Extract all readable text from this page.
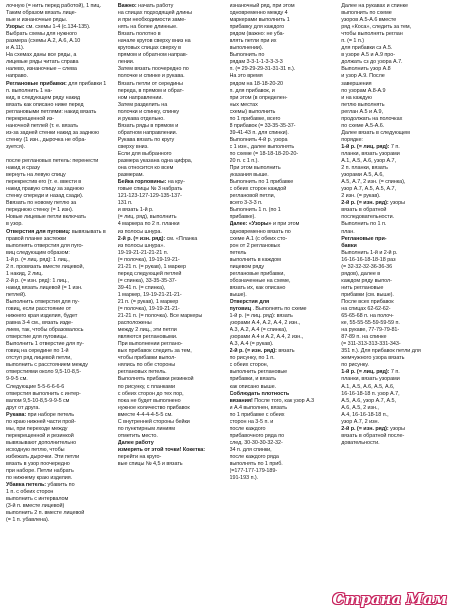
лочную (= нить перед работой), 1 пиц.
Таким образом вязать лице-
вые и изнаночные ряды.
Узоры: см. схемы 1-4 (с.134-135).
Выбрать схемы для нужного
размера (схемы А.2, А.6, А.10
и А.11).
На схемах даны все ряды, а
лицевые ряды читать справа
налево, изнаночные – слева
направо.
Реглановые прибавки: для прибавки 1 п. выполнить 1 на-
кид, в следующем ряду накид
вязать как описано ниже перед реглановыми петлями: накид вязать перекрещенной из-
наночной петлей (т. е. вязать
из-за задней стенки накид за заднюю
стенку (1 изн., дырочка не обра-
зуется).

после реглановых петель: перенести накид и сразу
вернуть на левую спицу
перекрестив его (т. е. ввести в
накид правую спицу за заднюю
стенку спереди и назад сзади).
Ввязать по новому петлю за
переднюю стенку (= 1 изн).
Новые лицевые петли включать
в узор.
Отверстия для пуговиц: вывязывать в правой планке застежки
выполнять отверстия для пуго-
виц следующим образом:
1-й р. (= лиц. ряд): 1 лиц.,
2 п. провязать вместе лицевой,
1 накид, 2 лиц.
2-й р. (= изн. ряд): 1 лиц.,
накид вязать лицевой (= 1 изн.
петлей).
Выполнить отверстия для пу-
говиц, если расстояние от
нижнего края изделия, будет
равна 3-4 см., вязать изде-
лием, так, чтобы образовалось
отверстие для пуговицы.
Выполнить 1 отверстие для пу-
говиц на середине по 1-й
отступ ряд лицевой петли,
выполнить с расстоянием между
отверстиями около 9,5-10-8,5-
9-9-5 см.
Следующие 5-5-6-6-6-6
отверстия выполнить с интер-
валом 9,5-10-8,5-9-9-5 см
друг от друга.
Рукава: при наборе петель
по краю нижней части прой-
мы, при переходе между
перекрещенной и резинкой
вывязывают дополнительно
исходную петлю, чтобы
избежать дырочки. Эти петли
вязать в узор поочередно
при наборе. Петли набрать
по нижнему краю изделия.
Убавка петель: убавить по
1 п. с обеих сторон
выполнить с интервалом
(3-й п. вместе лицевой)
выполнить 2 п. вместе лицевой
(= 1 п. убавлена).

Важно: начать работу
на спицах подходящей длины
и при необходимости заме-
нять на более длинные.
Вязать полотно в
начале кругов сверху вниз на
круговых спицах сверху в
прямом и обратном направ-
лении.
Затем вязать поочередно по
полочке и спинке и рукава.
Вязать петли от середины
переда, в прямом и обрат-
ном направлении.
Затем разделить на
полочки и спинку, спинку
и рукава отдельно.
Вязать ряды в прямом и
обратном направлении.
Рукава вязать по кругу
сверху вниз.
Если для выбранного
размера указана одна цифра,
она относится ко всем
размерам.
Бейка горловины: на кру-
говые спицы № 3 набрать
121-123-127-129-135-137-
131 п.
и вязать 1-й р.
(= лиц. ряд), выполнить
4 маркера по 2 п. планки
из полосы шнура.
2-й р. (= изн. ряд): см. «Планка
из полосы шнура».
19-19-21-21-21-21 п.
(= полочка), 19-19-19-21-
21-21 п. (= рукав), 1 маркер
перед следующей петлей
(= спинка), 33-35-35-37-
39-41 п. (= спинка),
1 маркер, 19-19-21-21-21-
21 п. (= рукав), 1 маркер
(= полочка), 19-19-21-21-
21-21 п. (= полочка). Все маркеры расположены
между 2 лиц., эти петли
являются реглановыми.
При выполнении реглано-
вых прибавок следить за тем,
чтобы прибавки выпол-
нялись по обе стороны
реглановых петель.
Выполнять прибавки резинкой
по рисунку, с планками
с обеих сторон до тех пор,
пока не будет выполнено
нужное количество прибавок
вместе 4-4-4-4-5-5 см.
С внутренней стороны бейки
по пунктирным линиям
отметить место.
Далее работу
измерять от этой точки! Кокетка: перейти на круго-
вые спицы № 4,5 и вязать
изнаночный ряд, при этом
одновременно между 4
маркерами выполнить 1
прибавку для каждого
рядом (важно: не уба-
влять петли при их
выполнении).
Выполнить по
рядам 3-3-1-1-3-3-3-3
п. (= 29-29-29-31-31-31 п.).
На это время
рядом на 18-18-20-20
п. для прибавок, и
при этом (в определен-
ных местах
схемы) выполнить
по 1 прибавке, всего
8 прибавок (= 33-35-35-37-
39-41-43 п. для спинки).
Выполнить 4-й р. узора
с 1 изн., далее выполнять
по схеме (= 18-18-18-20-20-
20 п. с 1 п.).
При этом выполнить
указания выше.
Выполнить по 1 прибавке
с обеих сторон каждой
реглановой петли,
всего 3-3-3 п.
Выполнить 1 п. (по 1
прибавке).
Далее: «Узоры» и при этом
одновременно вязать по
схеме А.1 (с обеих сто-
рон от 2 реглановых
петель
выполнить в каждом
лицевом ряду
реглановые прибавки,
обозначенные на схеме,
вязать их, как описано
выше).
Отверстия для
пуговиц . Выполнять по схеме
1-й р. (= лиц. ряд): вязать
узорами А.4, А.2, А.4, 2 изн.,
А.3, А.2, А.4 (= спинка),
узорами А.4 и А.2, А.4, 2 изн.,
А.3, А.4 (= рукав).
2-й р. (= изн. ряд): вязать
по рисунку, по 1 п.
с обеих сторон,
выполнить реглановые
прибавки, и вязать
как описано выше.
Соблюдать плотность
вязания! После того, как узор А.3
и А.4 выполнен, вязать
по 1 прибавке с обеих
сторон на 3-5 п. и
после каждого
прибавочного ряда по
след. 30-30-30-32-32-
34 п. для спинки,
после каждого ряда
выполнять по 1 приб.
(=177-177-179-189-
191-193 п.).
Далее на рукавах и спинке
выполнить по схеме
узоров А.5-А.6 вместе
ряд «Коса», следить за тем,
чтобы выполнять реглан
п. (= 1 п.)
для прибавки сз А.5.
в узоре А.5 и А.9 про-
должать сз до узора А.7.
Выполнить узор А.8
и узор А.9. После
завершения
по узорам А.8-А.9
и на каждую
петлю выполнять
реглан А.5 и А.9,
продолжать на полочках
по схеме А.5-А.6.
Далее вязать в следующем
порядке:
1-й р. (= лиц. ряд): 7 п.
планки, вязать узорами
А.1, А.5, А.6, узор А.7,
2 п. планки, вязать
узорами А.5, А.6,
А.5, А.7, 2 изн. (= спинка),
узор А.7, А.5, А.5, А.7,
2 изн. (= рукав).
2-й р. (= изн. ряд): узоры
вязать в обратной
последовательности.
Выполнить по 1 п.
план.
Реглановые при-
бавки
Выполнить 1-й и 2-й р.
16-16-16-18-18-18 раз
(= 32-32-32-36-36-36
рядов), далее в
каждом ряду выпол-
нить реглановые
прибавки (см. выше).
После всех прибавок
на спицах 62-62-62-
65-65-68 п. на полоч-
ке, 55-55-55-59-59-59 п.
на рукаве, 77-79-79-81-
87-89 п. на спинке
(= 311-313-313-331-343-
351 п.). Для прибавок петли для
жемчужного узора вязать
по рисунку.
1-й р. (= лиц. ряд): 7 п.
планки, вязать узорами
А.1, А.5, А.6, А.5, А.6,
16-16-18-18 п. узор А.7,
А.5, А.6, узор А.7, А.5,
А.6, А.5, 2 изн.,
А.4, 16-16-18-18 п.,
узор А.7, 2 изн.
2-й р. (= изн. ряд): узоры
вязать в обратной после-
довательности.
Страна Мам
